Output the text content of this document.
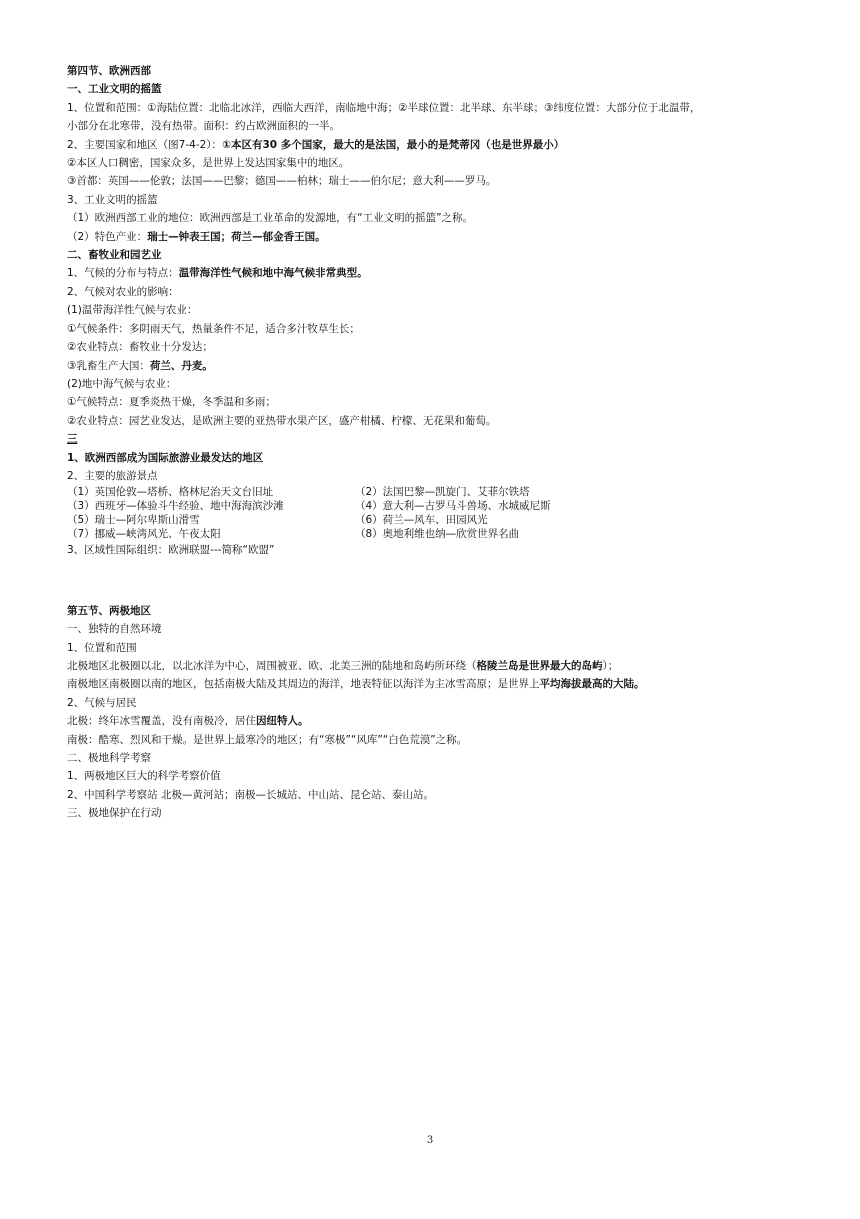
第四节、欧洲西部
一、工业文明的摇篮
1、位置和范围：①海陆位置：北临北冰洋，西临大西洋，南临地中海；②半球位置：北半球、东半球；③纬度位置：大部分位于北温带，
小部分在北寒带，没有热带。面积：约占欧洲面积的一半。
2、主要国家和地区（图7-4-2）：①本区有30 多个国家，最大的是法国，最小的是梵蒂冈（也是世界最小）
②本区人口稠密，国家众多，是世界上发达国家集中的地区。
③首都：英国——伦敦；法国——巴黎；德国——柏林；瑞士——伯尔尼；意大利——罗马。
3、工业文明的摇篮
（1）欧洲西部工业的地位：欧洲西部是工业革命的发源地，有“工业文明的摇篮”之称。
（2）特色产业：瑞士—钟表王国；荷兰—郁金香王国。
二、畜牧业和园艺业
1、气候的分布与特点：温带海洋性气候和地中海气候非常典型。
2、气候对农业的影响：
(1)温带海洋性气候与农业：
①气候条件：多阴雨天气，热量条件不足，适合多汁牧草生长；
②农业特点：畜牧业十分发达；
③乳畜生产大国：荷兰、丹麦。
(2)地中海气候与农业：
①气候特点：夏季炎热干燥，冬季温和多雨；
②农业特点：园艺业发达，是欧洲主要的亚热带水果产区，盛产柑橘、柠檬、无花果和葡萄。
三
1、欧洲西部成为国际旅游业最发达的地区
2、主要的旅游景点
（1）英国伦敦—塔桥、格林尼治天文台旧址	（2）法国巴黎—凯旋门、艾菲尔铁塔
（3）西班牙—体验斗牛经验、地中海海滨沙滩	（4）意大利—古罗马斗兽场、水城威尼斯
（5）瑞士—阿尔卑斯山滑雪	（6）荷兰—风车、田园风光
（7）挪威—峡湾风光、午夜太阳	（8）奥地利维也纳—欣赏世界名曲
3、区域性国际组织：欧洲联盟---简称“欧盟”
第五节、两极地区
一、独特的自然环境
1、位置和范围
北极地区北极圈以北，以北冰洋为中心，周围被亚、欧、北美三洲的陆地和岛屿所环绕（格陵兰岛是世界最大的岛屿）；
南极地区南极圈以南的地区，包括南极大陆及其周边的海洋，地表特征以海洋为主冰雪高原；是世界上平均海拔最高的大陆。
2、气候与居民
北极：终年冰雪覆盖，没有南极冷，居住因纽特人。
南极：酷寒、烈风和干燥。是世界上最寒冷的地区；有“寒极”“风库”“白色荒漠”之称。
二、极地科学考察
1、两极地区巨大的科学考察价值
2、中国科学考察站 北极—黄河站；南极—长城站、中山站、昆仑站、泰山站。
三、极地保护在行动
3
